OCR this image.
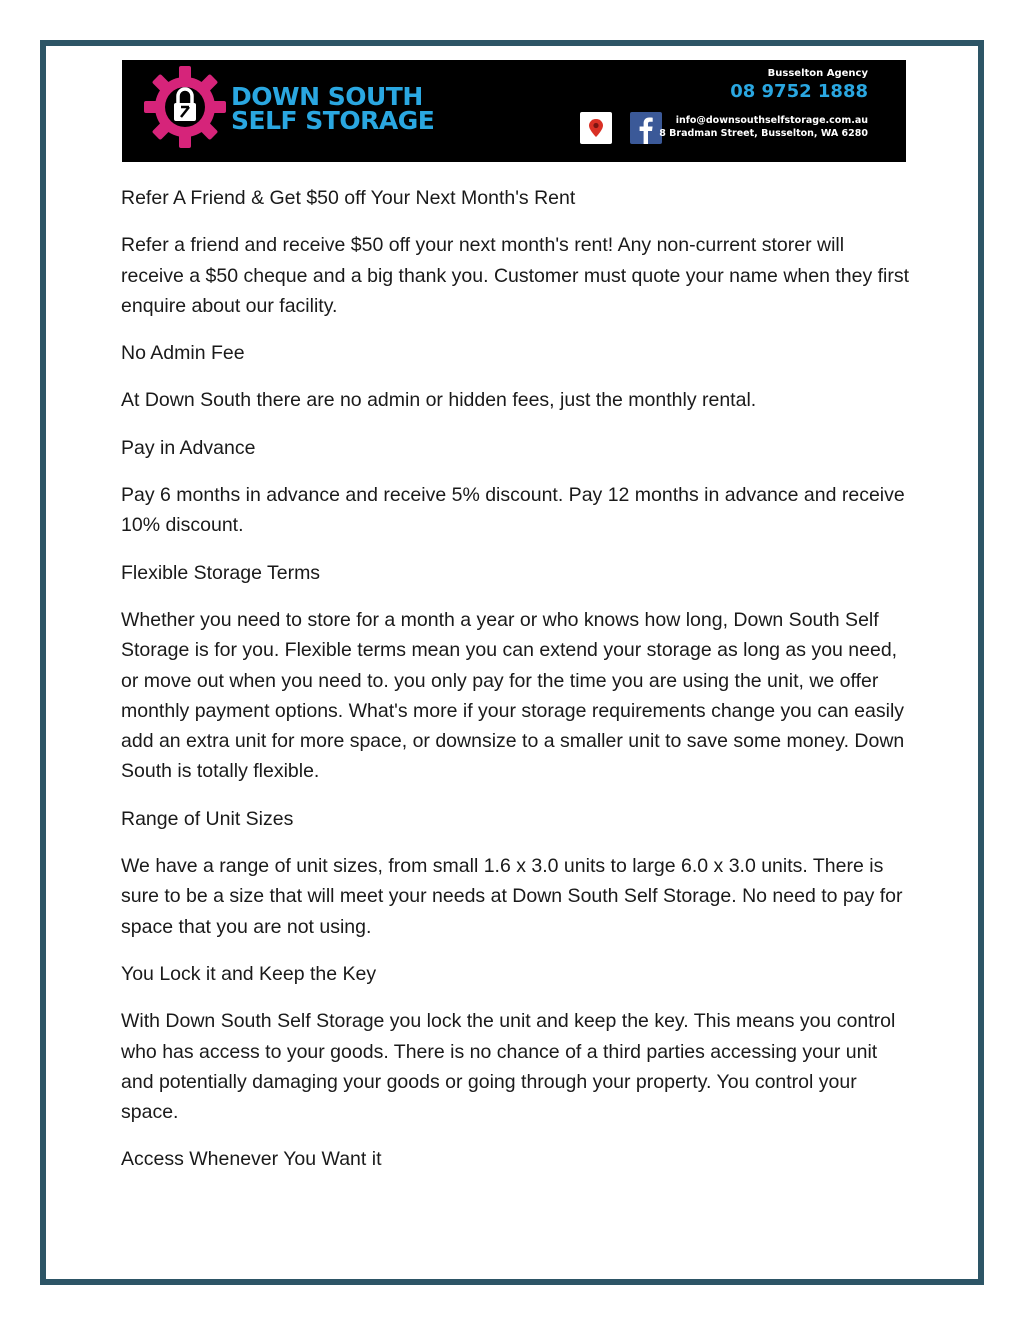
DOWN SOUTH
SELF STORAGE
Busselton Agency
08 9752 1888
info@downsouthselfstorage.com.au
8 Bradman Street, Busselton, WA 6280

Refer A Friend & Get $50 off Your Next Month's Rent

Refer a friend and receive $50 off your next month's rent! Any non-current storer will receive a $50 cheque and a big thank you. Customer must quote your name when they first enquire about our facility.

No Admin Fee

At Down South there are no admin or hidden fees, just the monthly rental.

Pay in Advance

Pay 6 months in advance and receive 5% discount. Pay 12 months in advance and receive 10% discount.

Flexible Storage Terms

Whether you need to store for a month a year or who knows how long, Down South Self Storage is for you. Flexible terms mean you can extend your storage as long as you need, or move out when you need to. you only pay for the time you are using the unit, we offer monthly payment options. What's more if your storage requirements change you can easily add an extra unit for more space, or downsize to a smaller unit to save some money. Down South is totally flexible.

Range of Unit Sizes

We have a range of unit sizes, from small 1.6 x 3.0 units to large 6.0 x 3.0 units. There is sure to be a size that will meet your needs at Down South Self Storage. No need to pay for space that you are not using.

You Lock it and Keep the Key

With Down South Self Storage you lock the unit and keep the key. This means you control who has access to your goods. There is no chance of a third parties accessing your unit and potentially damaging your goods or going through your property. You control your space.

Access Whenever You Want it
